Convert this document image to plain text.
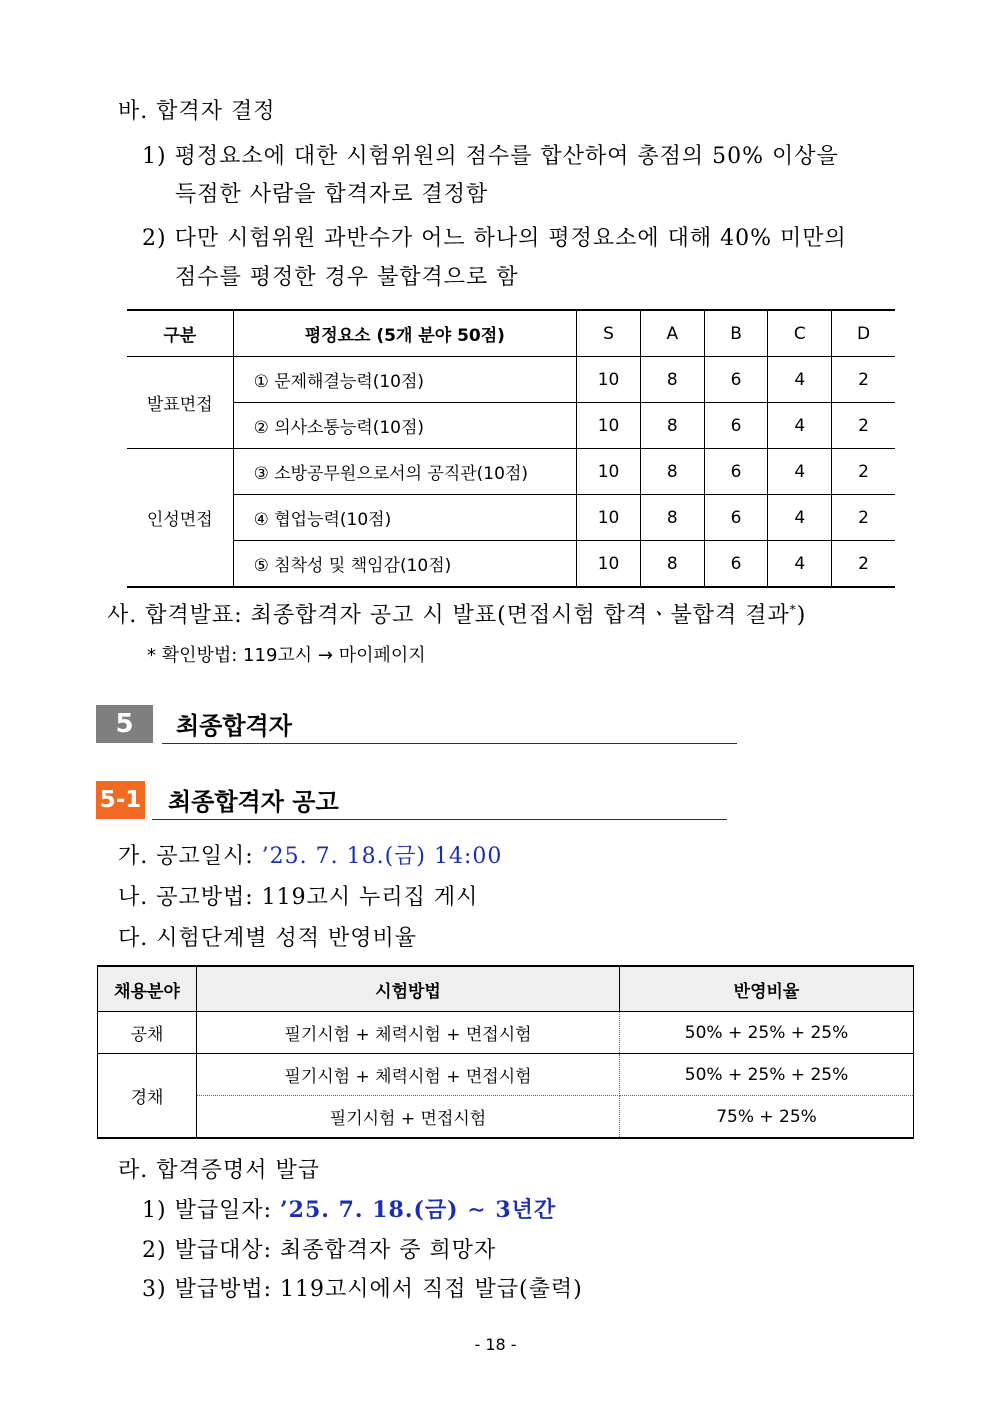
바. 합격자 결정
1) 평정요소에 대한 시험위원의 점수를 합산하여 총점의 50% 이상을
득점한 사람을 합격자로 결정함
2) 다만 시험위원 과반수가 어느 하나의 평정요소에 대해 40% 미만의
점수를 평정한 경우 불합격으로 함
구분	평정요소 (5개 분야 50점)	S	A	B	C	D
발표면접	① 문제해결능력(10점)	10	8	6	4	2
	② 의사소통능력(10점)	10	8	6	4	2
인성면접	③ 소방공무원으로서의 공직관(10점)	10	8	6	4	2
	④ 협업능력(10점)	10	8	6	4	2
	⑤ 침착성 및 책임감(10점)	10	8	6	4	2
사. 합격발표: 최종합격자 공고 시 발표(면접시험 합격ㆍ불합격 결과*)
* 확인방법: 119고시 → 마이페이지
5	최종합격자
5-1 최종합격자 공고
가. 공고일시: ’25. 7. 18.(금) 14:00
나. 공고방법: 119고시 누리집 게시
다. 시험단계별 성적 반영비율
채용분야	시험방법	반영비율
공채	필기시험 + 체력시험 + 면접시험	50% + 25% + 25%
경채	필기시험 + 체력시험 + 면접시험	50% + 25% + 25%
	필기시험 + 면접시험	75% + 25%
라. 합격증명서 발급
1) 발급일자: ’25. 7. 18.(금) ∼ 3년간
2) 발급대상: 최종합격자 중 희망자
3) 발급방법: 119고시에서 직접 발급(출력)
- 18 -
